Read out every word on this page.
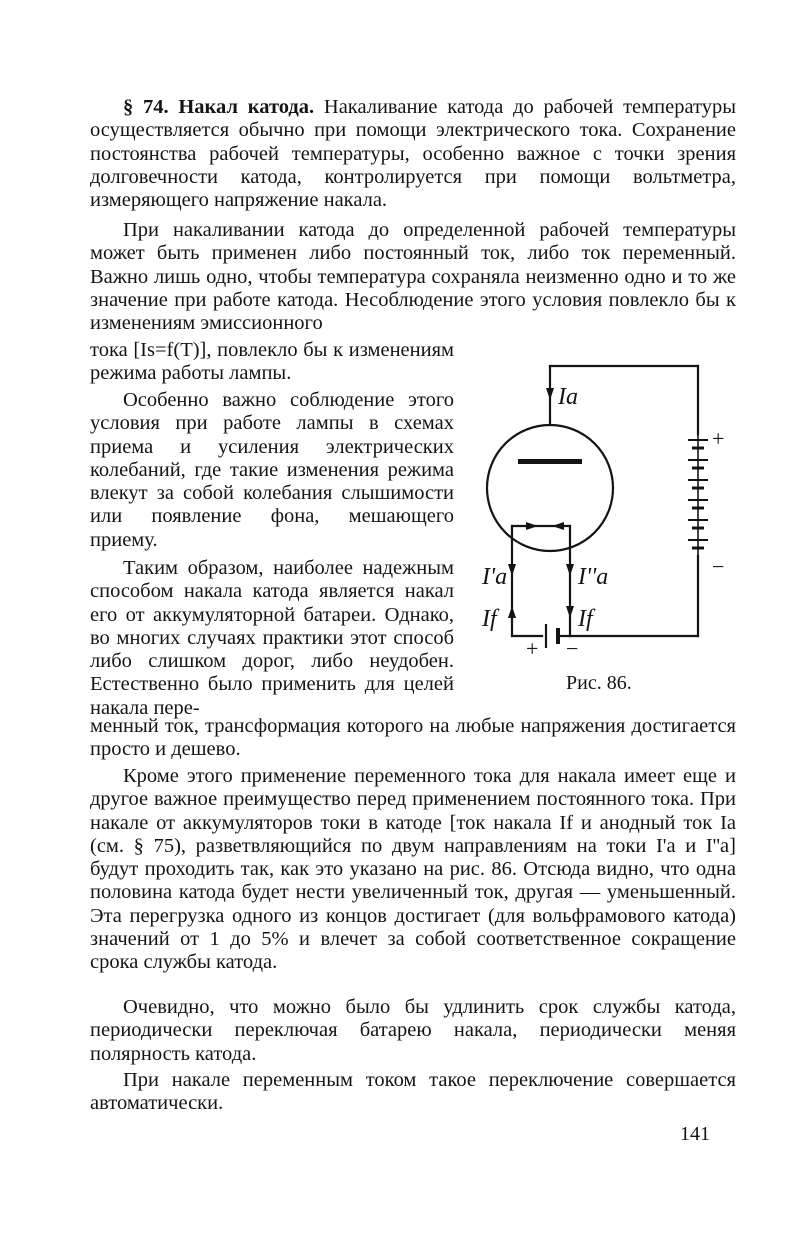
§ 74. Накал катода. Накаливание катода до рабочей температуры осуществляется обычно при помощи электрического тока. Сохранение постоянства рабочей температуры, особенно важное с точки зрения долговечности катода, контролируется при помощи вольтметра, измеряющего напряжение накала.

При накаливании катода до определенной рабочей температуры может быть применен либо постоянный ток, либо ток переменный. Важно лишь одно, чтобы температура сохраняла неизменно одно и то же значение при работе катода. Несоблюдение этого условия повлекло бы к изменениям эмиссионного

тока [Is=f(T)], повлекло бы к изменениям режима работы лампы.

Особенно важно соблюдение этого условия при работе лампы в схемах приема и усиления электрических колебаний, где такие изменения режима влекут за собой колебания слышимости или появление фона, мешающего приему.

Таким образом, наиболее надежным способом накала катода является накал его от аккумуляторной батареи. Однако, во многих случаях практики этот способ либо слишком дорог, либо неудобен. Естественно было применить для целей накала пере-

менный ток, трансформация которого на любые напряжения достигается просто и дешево.

Кроме этого применение переменного тока для накала имеет еще и другое важное преимущество перед применением постоянного тока. При накале от аккумуляторов токи в катоде [ток накала If и анодный ток Ia (см. § 75), разветвляющийся по двум направлениям на токи I'a и I''a] будут проходить так, как это указано на рис. 86. Отсюда видно, что одна половина катода будет нести увеличенный ток, другая — уменьшенный. Эта перегрузка одного из концов достигает (для вольфрамового катода) значений от 1 до 5% и влечет за собой соответственное сокращение срока службы катода.

Очевидно, что можно было бы удлинить срок службы катода, периодически переключая батарею накала, периодически меняя полярность катода.

При накале переменным током такое переключение совершается автоматически.

Ia
I'a	I''a
If	If
+
−
+ −
Рис. 86.
141
